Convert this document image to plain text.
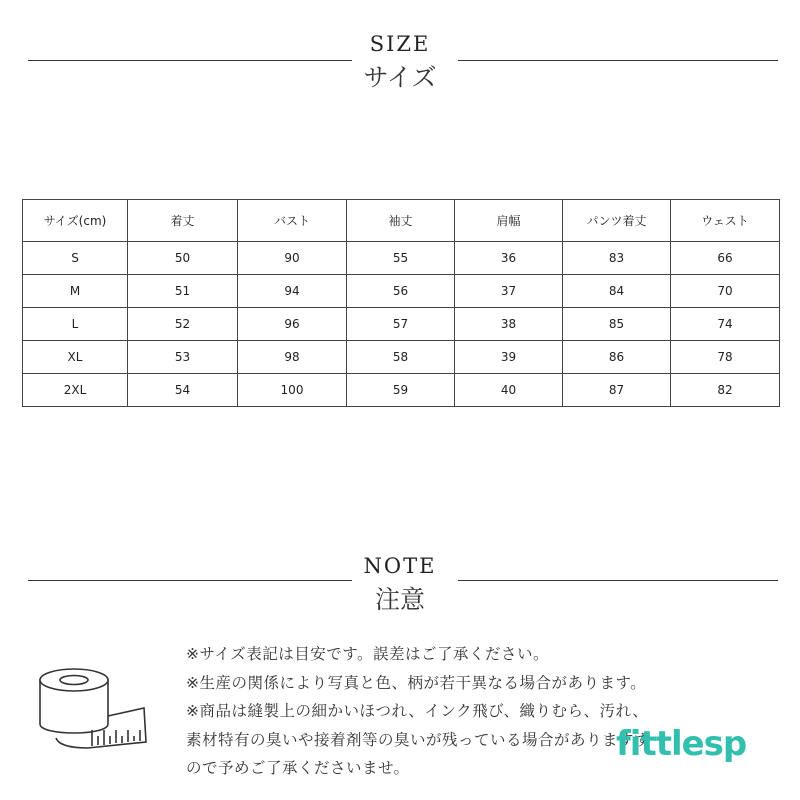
SIZE
サイズ
サイズ(cm)	着丈	バスト	袖丈	肩幅	パンツ着丈	ウェスト
S	50	90	55	36	83	66
M	51	94	56	37	84	70
L	52	96	57	38	85	74
XL	53	98	58	39	86	78
2XL	54	100	59	40	87	82
NOTE
注意
※サイズ表記は目安です。誤差はご了承ください。
※生産の関係により写真と色、柄が若干異なる場合があります。
※商品は縫製上の細かいほつれ、インク飛び、織りむら、汚れ、
素材特有の臭いや接着剤等の臭いが残っている場合がありますす
ので予めご了承くださいませ。
fittlesp
